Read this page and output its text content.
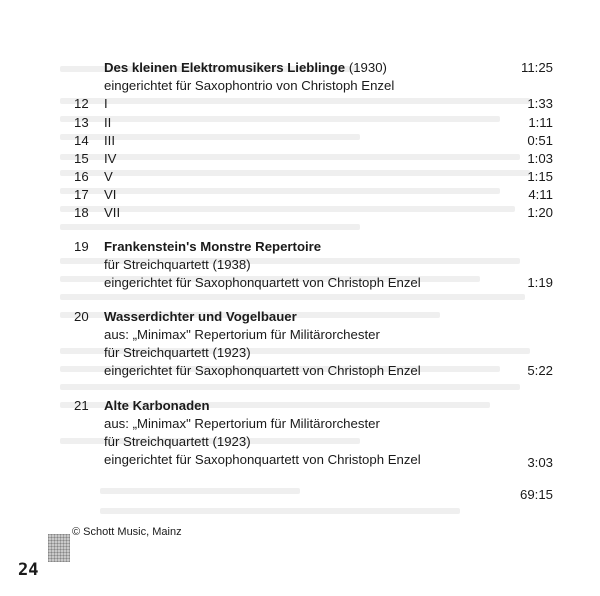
Des kleinen Elektromusikers Lieblinge (1930)	11:25
eingerichtet für Saxophontrio von Christoph Enzel
12 I	1:33
13 II	1:11
14 III	0:51
15 IV	1:03
16 V	1:15
17 VI	4:11
18 VII	1:20
19 Frankenstein's Monstre Repertoire
für Streichquartett (1938)
eingerichtet für Saxophonquartett von Christoph Enzel	1:19
20 Wasserdichter und Vogelbauer
aus: „Minimax" Repertorium für Militärorchester
für Streichquartett (1923)
eingerichtet für Saxophonquartett von Christoph Enzel	5:22
21 Alte Karbonaden
aus: „Minimax" Repertorium für Militärorchester
für Streichquartett (1923)
eingerichtet für Saxophonquartett von Christoph Enzel	3:03
69:15
© Schott Music, Mainz
24
